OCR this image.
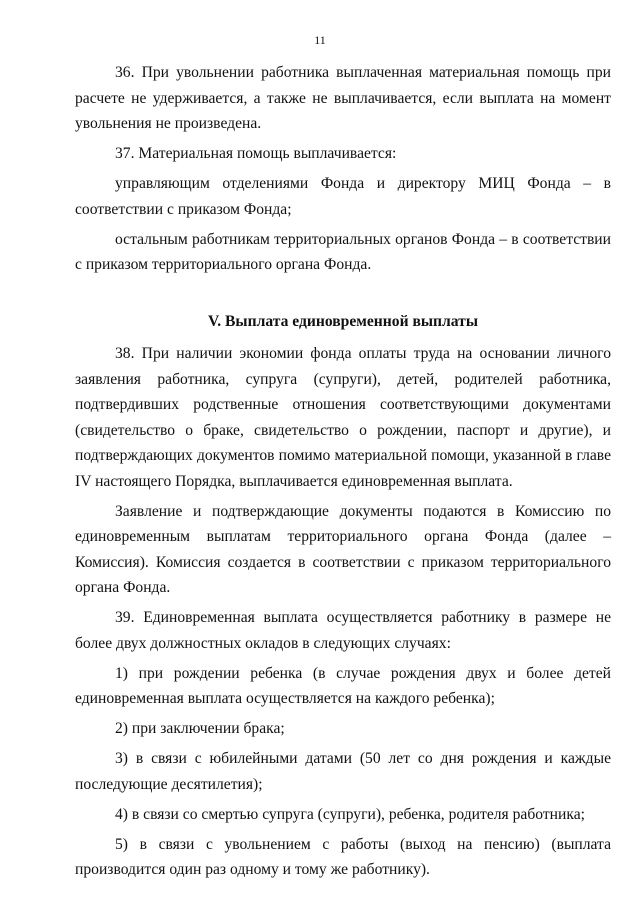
11

36. При увольнении работника выплаченная материальная помощь при расчете не удерживается, а также не выплачивается, если выплата на момент увольнения не произведена.

37. Материальная помощь выплачивается:

управляющим отделениями Фонда и директору МИЦ Фонда – в соответствии с приказом Фонда;

остальным работникам территориальных органов Фонда – в соответствии с приказом территориального органа Фонда.

V. Выплата единовременной выплаты

38. При наличии экономии фонда оплаты труда на основании личного заявления работника, супруга (супруги), детей, родителей работника, подтвердивших родственные отношения соответствующими документами (свидетельство о браке, свидетельство о рождении, паспорт и другие), и подтверждающих документов помимо материальной помощи, указанной в главе IV настоящего Порядка, выплачивается единовременная выплата.

Заявление и подтверждающие документы подаются в Комиссию по единовременным выплатам территориального органа Фонда (далее – Комиссия). Комиссия создается в соответствии с приказом территориального органа Фонда.

39. Единовременная выплата осуществляется работнику в размере не более двух должностных окладов в следующих случаях:

1) при рождении ребенка (в случае рождения двух и более детей единовременная выплата осуществляется на каждого ребенка);

2) при заключении брака;

3) в связи с юбилейными датами (50 лет со дня рождения и каждые последующие десятилетия);

4) в связи со смертью супруга (супруги), ребенка, родителя работника;

5) в связи с увольнением с работы (выход на пенсию) (выплата производится один раз одному и тому же работнику).
